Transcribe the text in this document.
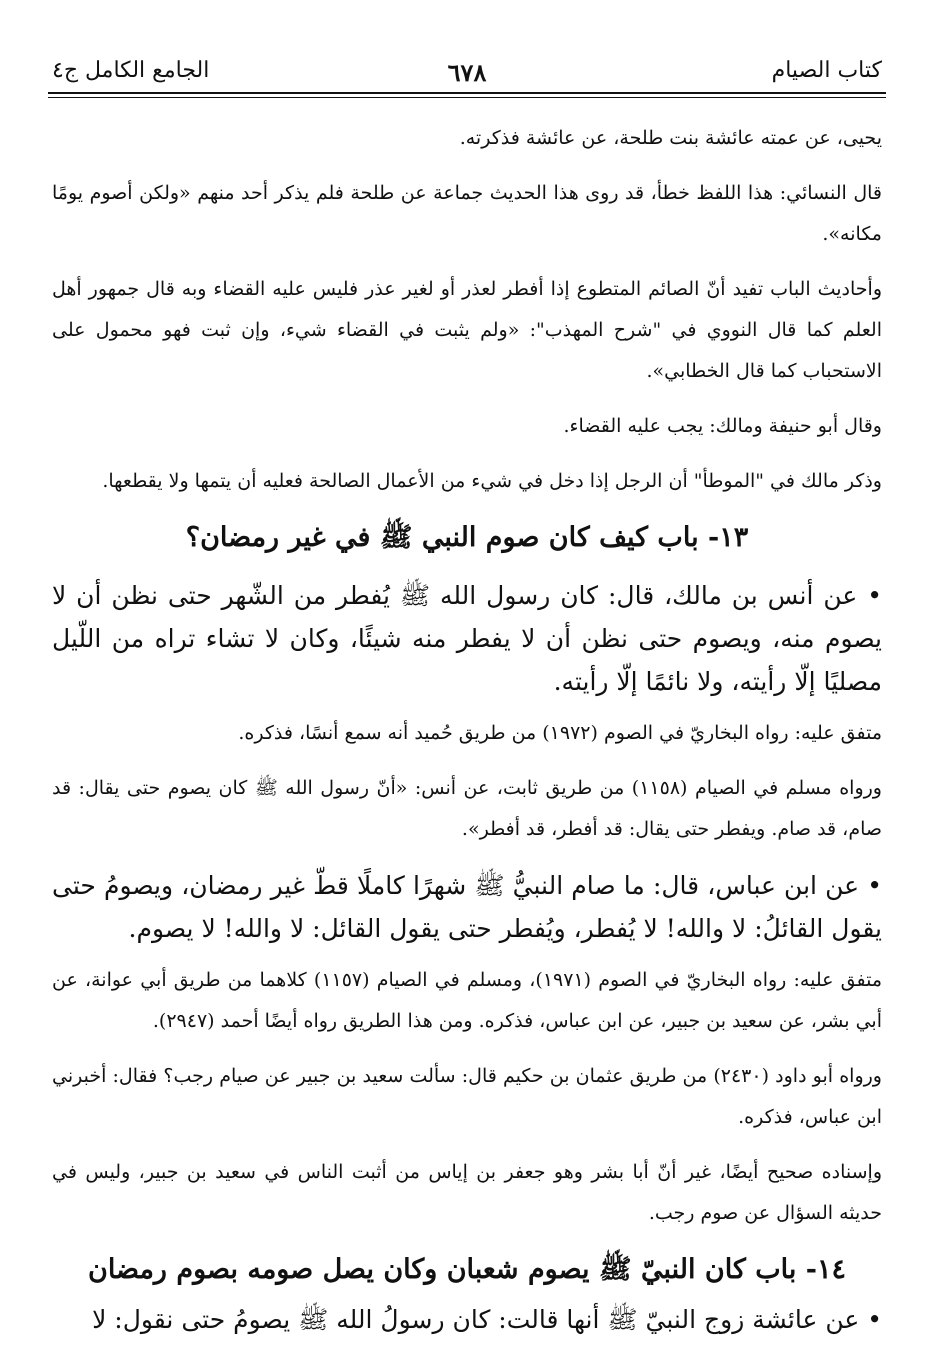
كتاب الصيام
٦٧٨
الجامع الكامل ج٤

يحيى، عن عمته عائشة بنت طلحة، عن عائشة فذكرته.

قال النسائي: هذا اللفظ خطأ، قد روى هذا الحديث جماعة عن طلحة فلم يذكر أحد منهم «ولكن أصوم يومًا مكانه».

وأحاديث الباب تفيد أنّ الصائم المتطوع إذا أفطر لعذر أو لغير عذر فليس عليه القضاء وبه قال جمهور أهل العلم كما قال النووي في "شرح المهذب": «ولم يثبت في القضاء شيء، وإن ثبت فهو محمول على الاستحباب كما قال الخطابي».

وقال أبو حنيفة ومالك: يجب عليه القضاء.

وذكر مالك في "الموطأ" أن الرجل إذا دخل في شيء من الأعمال الصالحة فعليه أن يتمها ولا يقطعها.

١٣- باب كيف كان صوم النبي ﷺ في غير رمضان؟

• عن أنس بن مالك، قال: كان رسول الله ﷺ يُفطر من الشّهر حتى نظن أن لا يصوم منه، ويصوم حتى نظن أن لا يفطر منه شيئًا، وكان لا تشاء تراه من اللّيل مصليًا إلّا رأيته، ولا نائمًا إلّا رأيته.

متفق عليه: رواه البخاريّ في الصوم (١٩٧٢) من طريق حُميد أنه سمع أنسًا، فذكره.

ورواه مسلم في الصيام (١١٥٨) من طريق ثابت، عن أنس: «أنّ رسول الله ﷺ كان يصوم حتى يقال: قد صام، قد صام. ويفطر حتى يقال: قد أفطر، قد أفطر».

• عن ابن عباس، قال: ما صام النبيُّ ﷺ شهرًا كاملًا قطّ غير رمضان، ويصومُ حتى يقول القائلُ: لا والله! لا يُفطر، ويُفطر حتى يقول القائل: لا والله! لا يصوم.

متفق عليه: رواه البخاريّ في الصوم (١٩٧١)، ومسلم في الصيام (١١٥٧) كلاهما من طريق أبي عوانة، عن أبي بشر، عن سعيد بن جبير، عن ابن عباس، فذكره. ومن هذا الطريق رواه أيضًا أحمد (٢٩٤٧).

ورواه أبو داود (٢٤٣٠) من طريق عثمان بن حكيم قال: سألت سعيد بن جبير عن صيام رجب؟ فقال: أخبرني ابن عباس، فذكره.

وإسناده صحيح أيضًا، غير أنّ أبا بشر وهو جعفر بن إياس من أثبت الناس في سعيد بن جبير، وليس في حديثه السؤال عن صوم رجب.

١٤- باب كان النبيّ ﷺ يصوم شعبان وكان يصل صومه بصوم رمضان

• عن عائشة زوج النبيّ ﷺ أنها قالت: كان رسولُ الله ﷺ يصومُ حتى نقول: لا
